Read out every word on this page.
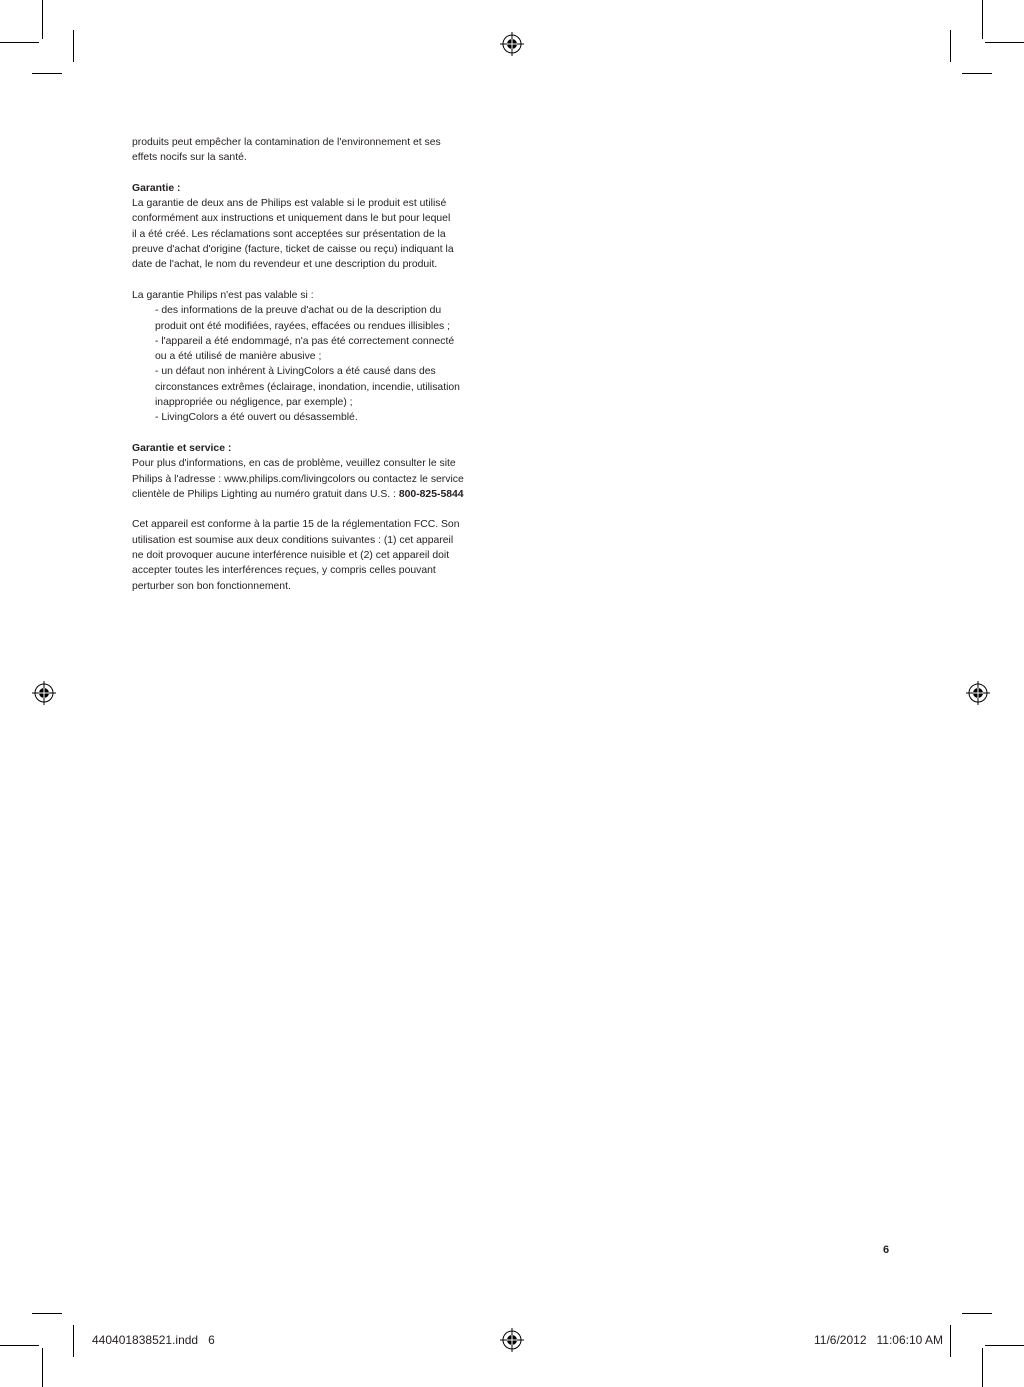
produits peut empêcher la contamination de l'environnement et ses

effets nocifs sur la santé.

Garantie :

La garantie de deux ans de Philips est valable si le produit est utilisé

conformément aux instructions et uniquement dans le but pour lequel

il a été créé. Les réclamations sont acceptées sur présentation de la

preuve d'achat d'origine (facture, ticket de caisse ou reçu) indiquant la

date de l'achat, le nom du revendeur et une description du produit.

La garantie Philips n'est pas valable si :

- des informations de la preuve d'achat ou de la description du

produit ont été modifiées, rayées, effacées ou rendues illisibles ;

- l'appareil a été endommagé, n'a pas été correctement connecté

ou a été utilisé de manière abusive ;

- un défaut non inhérent à LivingColors a été causé dans des

circonstances extrêmes (éclairage, inondation, incendie, utilisation

inappropriée ou négligence, par exemple) ;

- LivingColors a été ouvert ou désassemblé.

Garantie et service :

Pour plus d'informations, en cas de problème, veuillez consulter le site

Philips à l'adresse : www.philips.com/livingcolors ou contactez le service

clientèle de Philips Lighting au numéro gratuit dans U.S. : 800-825-5844

Cet appareil est conforme à la partie 15 de la réglementation FCC. Son

utilisation est soumise aux deux conditions suivantes : (1) cet appareil

ne doit provoquer aucune interférence nuisible et (2) cet appareil doit

accepter toutes les interférences reçues, y compris celles pouvant

perturber son bon fonctionnement.

6
440401838521.indd   6	11/6/2012   11:06:10 AM
